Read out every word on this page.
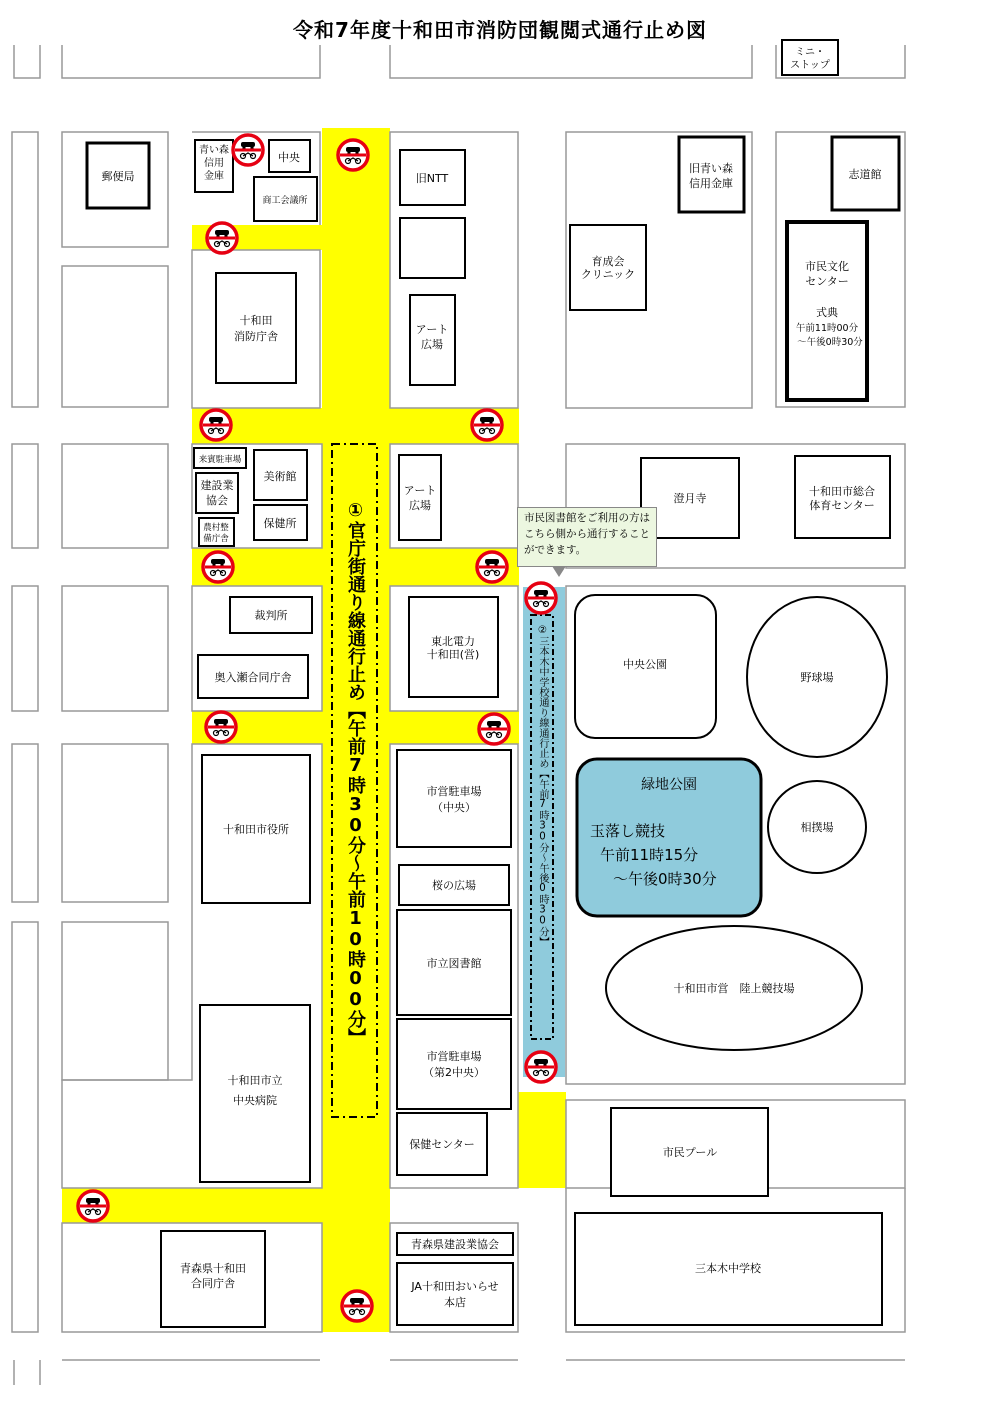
ミニ・ストップ
郵便局
青い森信用金庫
中央
商工会議所
旧NTT
旧青い森信用金庫
志道館
育成会クリニック
十和田消防庁舎
アート広場
市民文化センター
式典
午前11時00分～午後0時30分
来賓駐車場
建設業協会
農村整備庁舎
美術館
保健所
アート広場
澄月寺
十和田市総合体育センター
裁判所
奥入瀬合同庁舎
東北電力十和田(営)
中央公園
野球場
十和田市役所
市営駐車場（中央）
桜の広場
市立図書館
市営駐車場（第2中央）
相撲場
十和田市営　陸上競技場
十和田市立中央病院
保健センター
市民プール
三本木中学校
青森県十和田合同庁舎
青森県建設業協会
JA十和田おいらせ本店
緑地公園
玉落し競技
午前11時15分
～午後0時30分
令和7年度十和田市消防団観閲式通行止め図
①官庁街通り線通行止め【午前7時30分～午前10時00分】	②三本木中学校通り線通行止め【午前7時30分～午後0時30分】
市民図書館をご利用の方はこちら側から通行することができます。
